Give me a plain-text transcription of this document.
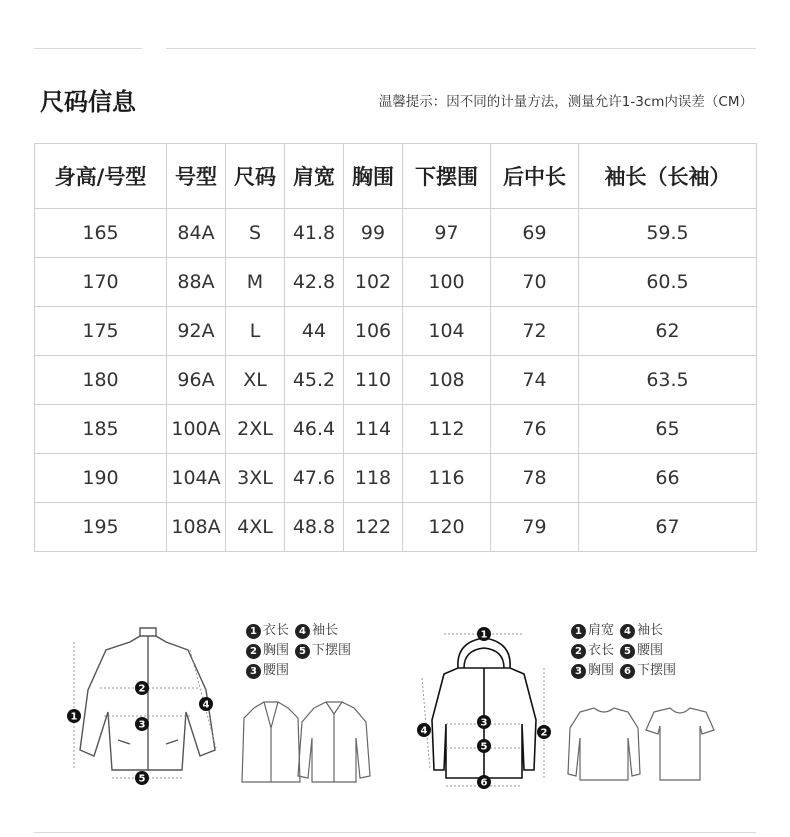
尺码信息	温馨提示：因不同的计量方法，测量允许1-3cm内误差（CM）
身高/号型	号型	尺码	肩宽	胸围	下摆围	后中长	袖长（长袖）
165	84A	S	41.8	99	97	69	59.5
170	88A	M	42.8	102	100	70	60.5
175	92A	L	44	106	104	72	62
180	96A	XL	45.2	110	108	74	63.5
185	100A	2XL	46.4	114	112	76	65
190	104A	3XL	47.6	118	116	78	66
195	108A	4XL	48.8	122	120	79	67
1 衣长	4 袖长
2 胸围	5 下摆围
3 腰围
1 肩宽	4 袖长
2 衣长	5 腰围
3 胸围	6 下摆围
1
2
3
4
5
1
2
3
4
5
6
